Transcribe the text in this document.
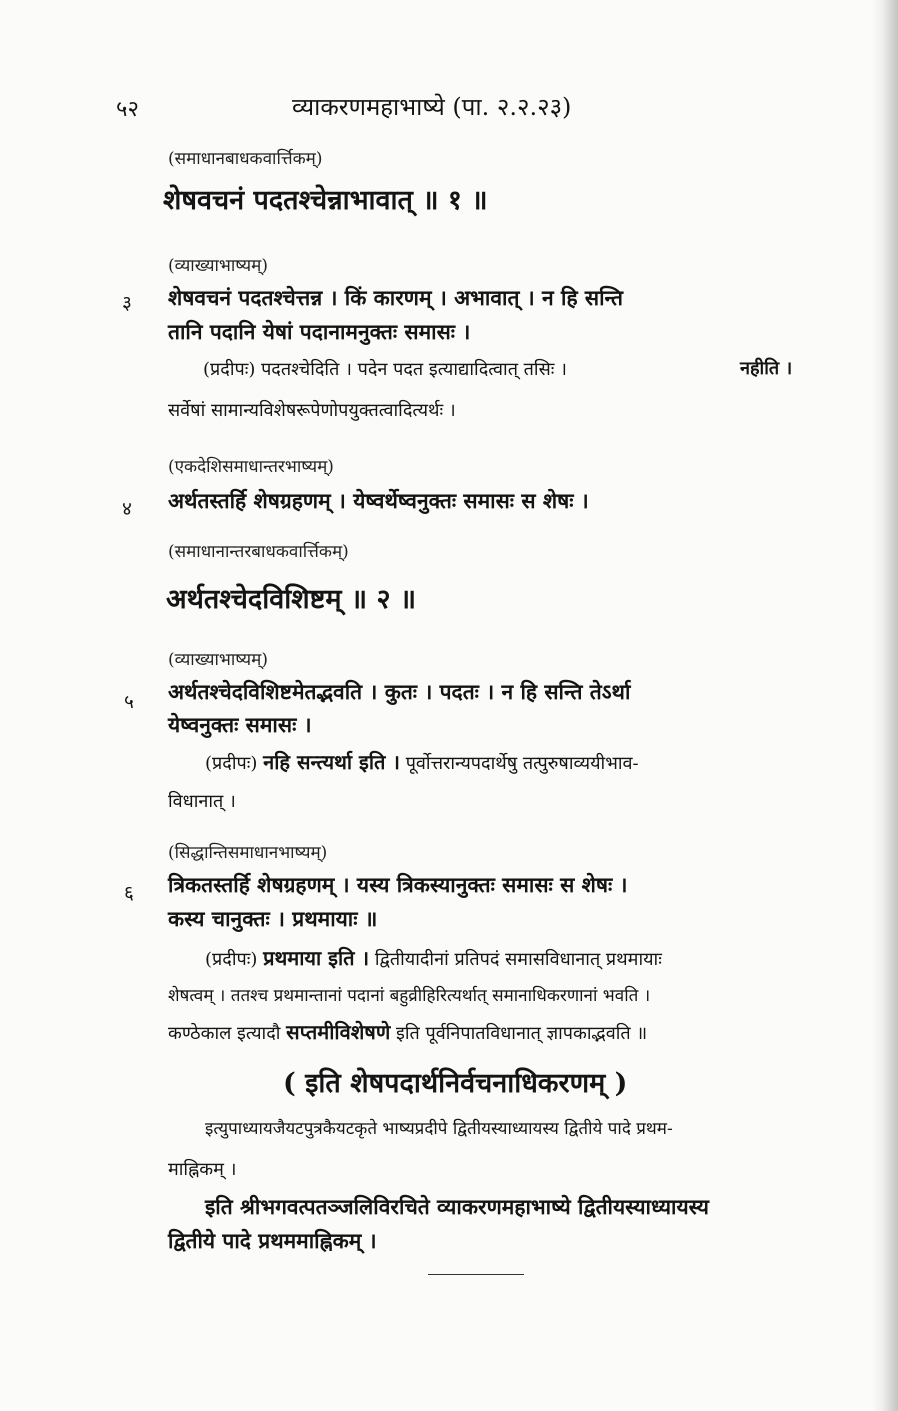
५२	व्याकरणमहाभाष्ये (पा. २.२.२३)
(समाधानबाधकवार्त्तिकम्)
शेषवचनं पदतश्चेन्नाभावात् ॥ १ ॥
(व्याख्याभाष्यम्)
३ शेषवचनं पदतश्चेत्तन्न । किं कारणम् । अभावात् । न हि सन्ति
तानि पदानि येषां पदानामनुक्तः समासः ।
(प्रदीपः) पदतश्चेदिति । पदेन पदत इत्याद्यादित्वात् तसिः ।	नहीति ।
सर्वेषां सामान्यविशेषरूपेणोपयुक्तत्वादित्यर्थः ।
(एकदेशिसमाधान्तरभाष्यम्)
४ अर्थतस्तर्हि शेषग्रहणम् । येष्वर्थेष्वनुक्तः समासः स शेषः ।
(समाधानान्तरबाधकवार्त्तिकम्)
अर्थतश्चेदविशिष्टम् ॥ २ ॥
(व्याख्याभाष्यम्)
५ अर्थतश्चेदविशिष्टमेतद्भवति । कुतः । पदतः । न हि सन्ति तेऽर्था
येष्वनुक्तः समासः ।
(प्रदीपः) नहि सन्त्यर्था इति । पूर्वोत्तरान्यपदार्थेषु तत्पुरुषाव्ययीभाव-
विधानात् ।
(सिद्धान्तिसमाधानभाष्यम्)
६ त्रिकतस्तर्हि शेषग्रहणम् । यस्य त्रिकस्यानुक्तः समासः स शेषः ।
कस्य चानुक्तः । प्रथमायाः ॥
(प्रदीपः) प्रथमाया इति । द्वितीयादीनां प्रतिपदं समासविधानात् प्रथमायाः
शेषत्वम् । ततश्च प्रथमान्तानां पदानां बहुव्रीहिरित्यर्थात् समानाधिकरणानां भवति ।
कण्ठेकाल इत्यादौ सप्तमीविशेषणे इति पूर्वनिपातविधानात् ज्ञापकाद्भवति ॥
( इति शेषपदार्थनिर्वचनाधिकरणम् )
इत्युपाध्यायजैयटपुत्रकैयटकृते भाष्यप्रदीपे द्वितीयस्याध्यायस्य द्वितीये पादे प्रथम-
माह्निकम् ।
इति श्रीभगवत्पतञ्जलिविरचिते व्याकरणमहाभाष्ये द्वितीयस्याध्यायस्य
द्वितीये पादे प्रथममाह्निकम् ।
